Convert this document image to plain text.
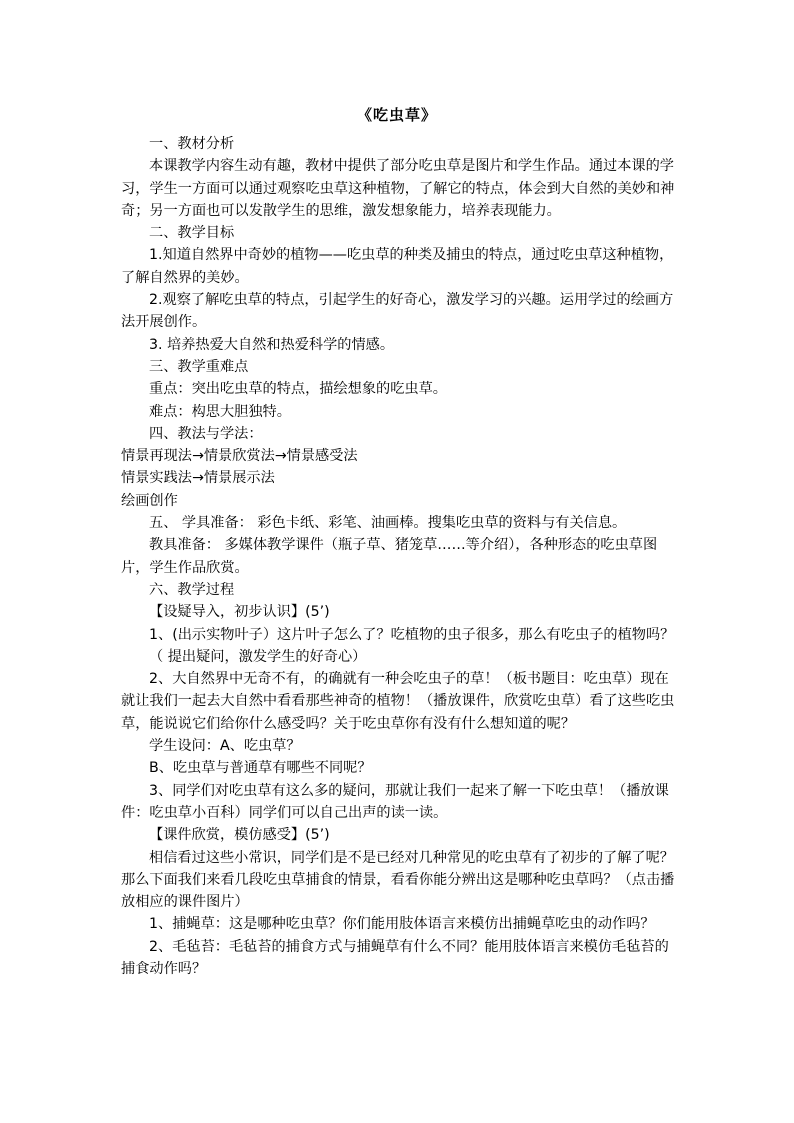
《吃虫草》

一、教材分析

本课教学内容生动有趣，教材中提供了部分吃虫草是图片和学生作品。通过本课的学习，学生一方面可以通过观察吃虫草这种植物，了解它的特点，体会到大自然的美妙和神奇；另一方面也可以发散学生的思维，激发想象能力，培养表现能力。

二、教学目标

1.知道自然界中奇妙的植物——吃虫草的种类及捕虫的特点，通过吃虫草这种植物，了解自然界的美妙。

2.观察了解吃虫草的特点，引起学生的好奇心，激发学习的兴趣。运用学过的绘画方法开展创作。

3. 培养热爱大自然和热爱科学的情感。

三、教学重难点

重点：突出吃虫草的特点，描绘想象的吃虫草。

难点：构思大胆独特。

四、教法与学法：

情景再现法→情景欣赏法→情景感受法

情景实践法→情景展示法

绘画创作

五、 学具准备： 彩色卡纸、彩笔、油画棒。搜集吃虫草的资料与有关信息。

教具准备： 多媒体教学课件（瓶子草、猪笼草……等介绍），各种形态的吃虫草图片，学生作品欣赏。

六、教学过程

【设疑导入，初步认识】(5’)

1、(出示实物叶子）这片叶子怎么了？吃植物的虫子很多，那么有吃虫子的植物吗？

（ 提出疑问，激发学生的好奇心）

2、大自然界中无奇不有，的确就有一种会吃虫子的草！（板书题目：吃虫草）现在就让我们一起去大自然中看看那些神奇的植物！（播放课件，欣赏吃虫草）看了这些吃虫草，能说说它们给你什么感受吗？关于吃虫草你有没有什么想知道的呢？

学生设问：A、吃虫草？

B、吃虫草与普通草有哪些不同呢？

3、同学们对吃虫草有这么多的疑问，那就让我们一起来了解一下吃虫草！（播放课件：吃虫草小百科）同学们可以自己出声的读一读。

【课件欣赏，模仿感受】(5’)

相信看过这些小常识，同学们是不是已经对几种常见的吃虫草有了初步的了解了呢？那么下面我们来看几段吃虫草捕食的情景，看看你能分辨出这是哪种吃虫草吗？（点击播放相应的课件图片）

1、捕蝇草：这是哪种吃虫草？你们能用肢体语言来模仿出捕蝇草吃虫的动作吗？

2、毛毡苔：毛毡苔的捕食方式与捕蝇草有什么不同？能用肢体语言来模仿毛毡苔的捕食动作吗？
